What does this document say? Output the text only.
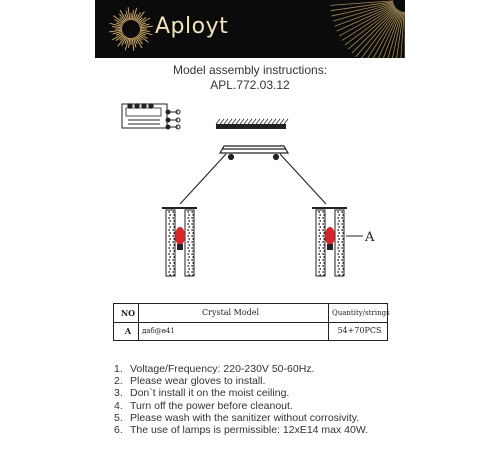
Aployt
Model assembly instructions:
APL.772.03.12
A
NO	Crystal Model	Quantity/strings
A	даб@ө41	54+70PCS
1. Voltage/Frequency: 220-230V 50-60Hz.
2. Please wear gloves to install.
3. Don`t install it on the moist ceiling.
4. Turn off the power before cleanout.
5. Please wash with the sanitizer without corrosivity.
6. The use of lamps is permissible: 12xE14 max 40W.
